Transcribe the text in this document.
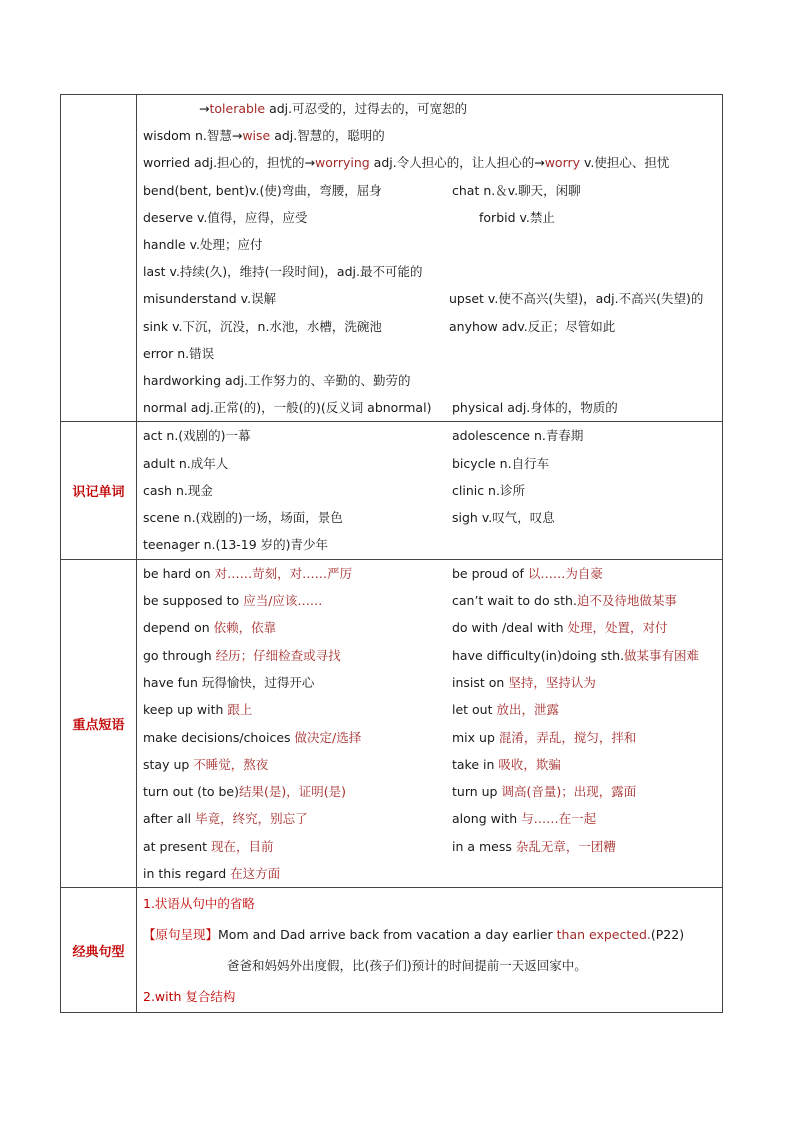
→tolerable adj.可忍受的，过得去的，可宽恕的
wisdom n.智慧→wise adj.智慧的，聪明的
worried adj.担心的，担忧的→worrying adj.令人担心的，让人担心的→worry v.使担心、担忧
bend(bent, bent)v.(使)弯曲，弯腰，屈身	chat n.＆v.聊天，闲聊
deserve v.值得，应得，应受	forbid v.禁止
handle v.处理；应付
last v.持续(久)，维持(一段时间)，adj.最不可能的
misunderstand v.误解	upset v.使不高兴(失望)，adj.不高兴(失望)的
sink v.下沉，沉没，n.水池，水槽，洗碗池	anyhow adv.反正；尽管如此
error n.错误
hardworking adj.工作努力的、辛勤的、勤劳的
normal adj.正常(的)，一般(的)(反义词 abnormal) physical adj.身体的，物质的
识记单词
act n.(戏剧的)一幕	adolescence n.青春期
adult n.成年人	bicycle n.自行车
cash n.现金	clinic n.诊所
scene n.(戏剧的)一场，场面，景色	sigh v.叹气，叹息
teenager n.(13-19 岁的)青少年
重点短语
be hard on 对……苛刻，对……严厉	be proud of 以……为自豪
be supposed to 应当/应该……	can’t wait to do sth.迫不及待地做某事
depend on 依赖，依靠	do with /deal with 处理，处置，对付
go through 经历；仔细检查或寻找	have difficulty(in)doing sth.做某事有困难
have fun 玩得愉快，过得开心	insist on 坚持，坚持认为
keep up with 跟上	let out 放出，泄露
make decisions/choices 做决定/选择	mix up 混淆，弄乱，搅匀，拌和
stay up 不睡觉，熬夜	take in 吸收，欺骗
turn out (to be)结果(是)，证明(是)	turn up 调高(音量)；出现，露面
after all 毕竟，终究，别忘了	along with 与……在一起
at present 现在，目前	in a mess 杂乱无章，一团糟
in this regard 在这方面
经典句型
1.状语从句中的省略
【原句呈现】Mom and Dad arrive back from vacation a day earlier than expected.(P22)
爸爸和妈妈外出度假，比(孩子们)预计的时间提前一天返回家中。
2.with 复合结构
